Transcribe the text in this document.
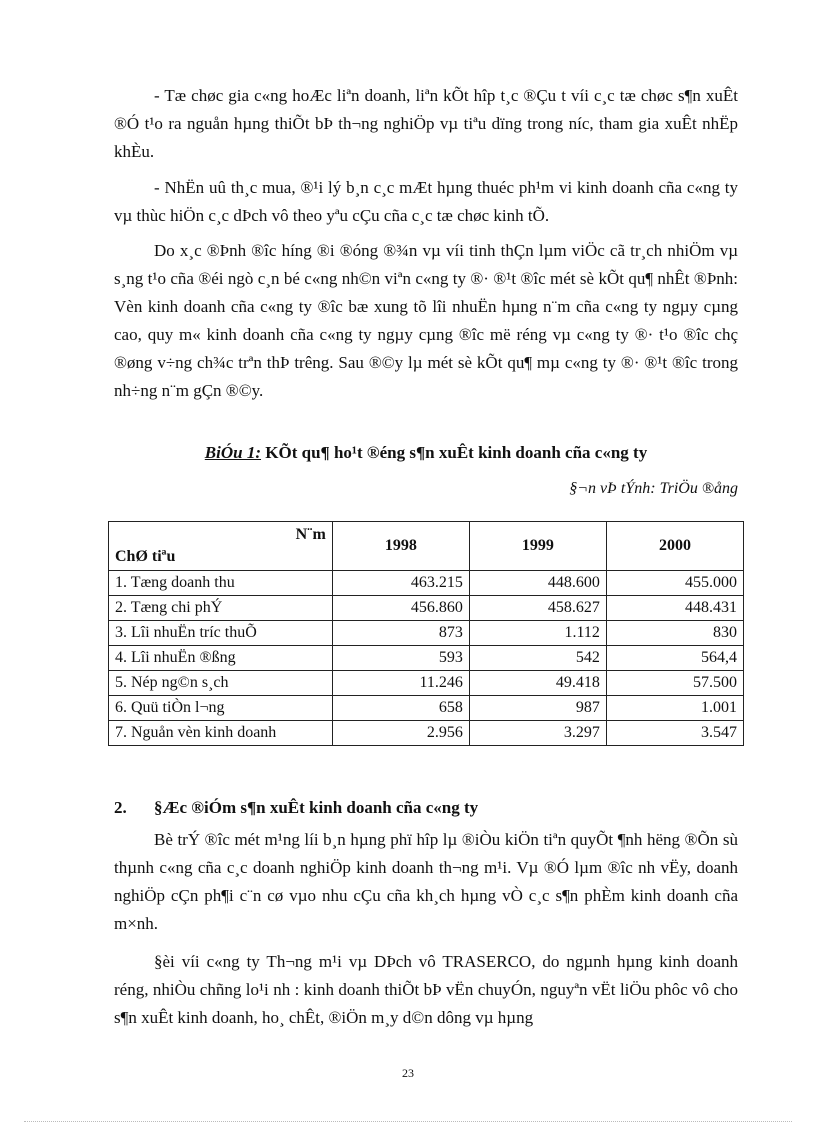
- Tæ chøc gia c«ng hoÆc liªn doanh, liªn kÕt hîp t¸c ®Çu t víi c¸c tæ chøc s¶n xuÊt ®Ó t¹o ra nguån hµng thiÕt bÞ th¬ng nghiÖp vµ tiªu dïng trong níc, tham gia xuÊt nhËp khÈu.

- NhËn uû th¸c mua, ®¹i lý b¸n c¸c mÆt hµng thuéc ph¹m vi kinh doanh cña c«ng ty vµ thùc hiÖn c¸c dÞch vô theo yªu cÇu cña c¸c tæ chøc kinh tÕ.

Do x¸c ®Þnh ®îc híng ®i ®óng ®¾n vµ víi tinh thÇn lµm viÖc cã tr¸ch nhiÖm vµ s¸ng t¹o cña ®éi ngò c¸n bé c«ng nh©n viªn c«ng ty ®· ®¹t ®îc mét sè kÕt qu¶ nhÊt ®Þnh: Vèn kinh doanh cña c«ng ty ®îc bæ xung tõ lîi nhuËn hµng n¨m cña c«ng ty ngµy cµng cao, quy m« kinh doanh cña c«ng ty ngµy cµng ®îc më réng vµ c«ng ty ®· t¹o ®îc chç ®øng v÷ng ch¾c trªn thÞ trêng. Sau ®©y lµ mét sè kÕt qu¶ mµ c«ng ty ®· ®¹t ®îc trong nh÷ng n¨m gÇn ®©y.

BiÓu 1: KÕt qu¶ ho¹t ®éng s¶n xuÊt kinh doanh cña c«ng ty
§¬n vÞ tÝnh: TriÖu ®ång
N¨m
ChØ tiªu	1998	1999	2000
1. Tæng doanh thu	463.215	448.600	455.000
2. Tæng chi phÝ	456.860	458.627	448.431
3. Lîi nhuËn tríc thuÕ	873	1.112	830
4. Lîi nhuËn ®ßng	593	542	564,4
5. Nép ng©n s¸ch	11.246	49.418	57.500
6. Quü tiÒn l¬ng	658	987	1.001
7. Nguån vèn kinh doanh	2.956	3.297	3.547
2. §Æc ®iÓm s¶n xuÊt kinh doanh cña c«ng ty

Bè trÝ ®îc mét m¹ng líi b¸n hµng phï hîp lµ ®iÒu kiÖn tiªn quyÕt ¶nh hëng ®Õn sù thµnh c«ng cña c¸c doanh nghiÖp kinh doanh th¬ng m¹i. Vµ ®Ó lµm ®îc nh vËy, doanh nghiÖp cÇn ph¶i c¨n cø vµo nhu cÇu cña kh¸ch hµng vÒ c¸c s¶n phÈm kinh doanh cña m×nh.

§èi víi c«ng ty Th¬ng m¹i vµ DÞch vô TRASERCO, do ngµnh hµng kinh doanh réng, nhiÒu chñng lo¹i nh : kinh doanh thiÕt bÞ vËn chuyÓn, nguyªn vËt liÖu phôc vô cho s¶n xuÊt kinh doanh, ho¸ chÊt, ®iÖn m¸y d©n dông vµ hµng

23
